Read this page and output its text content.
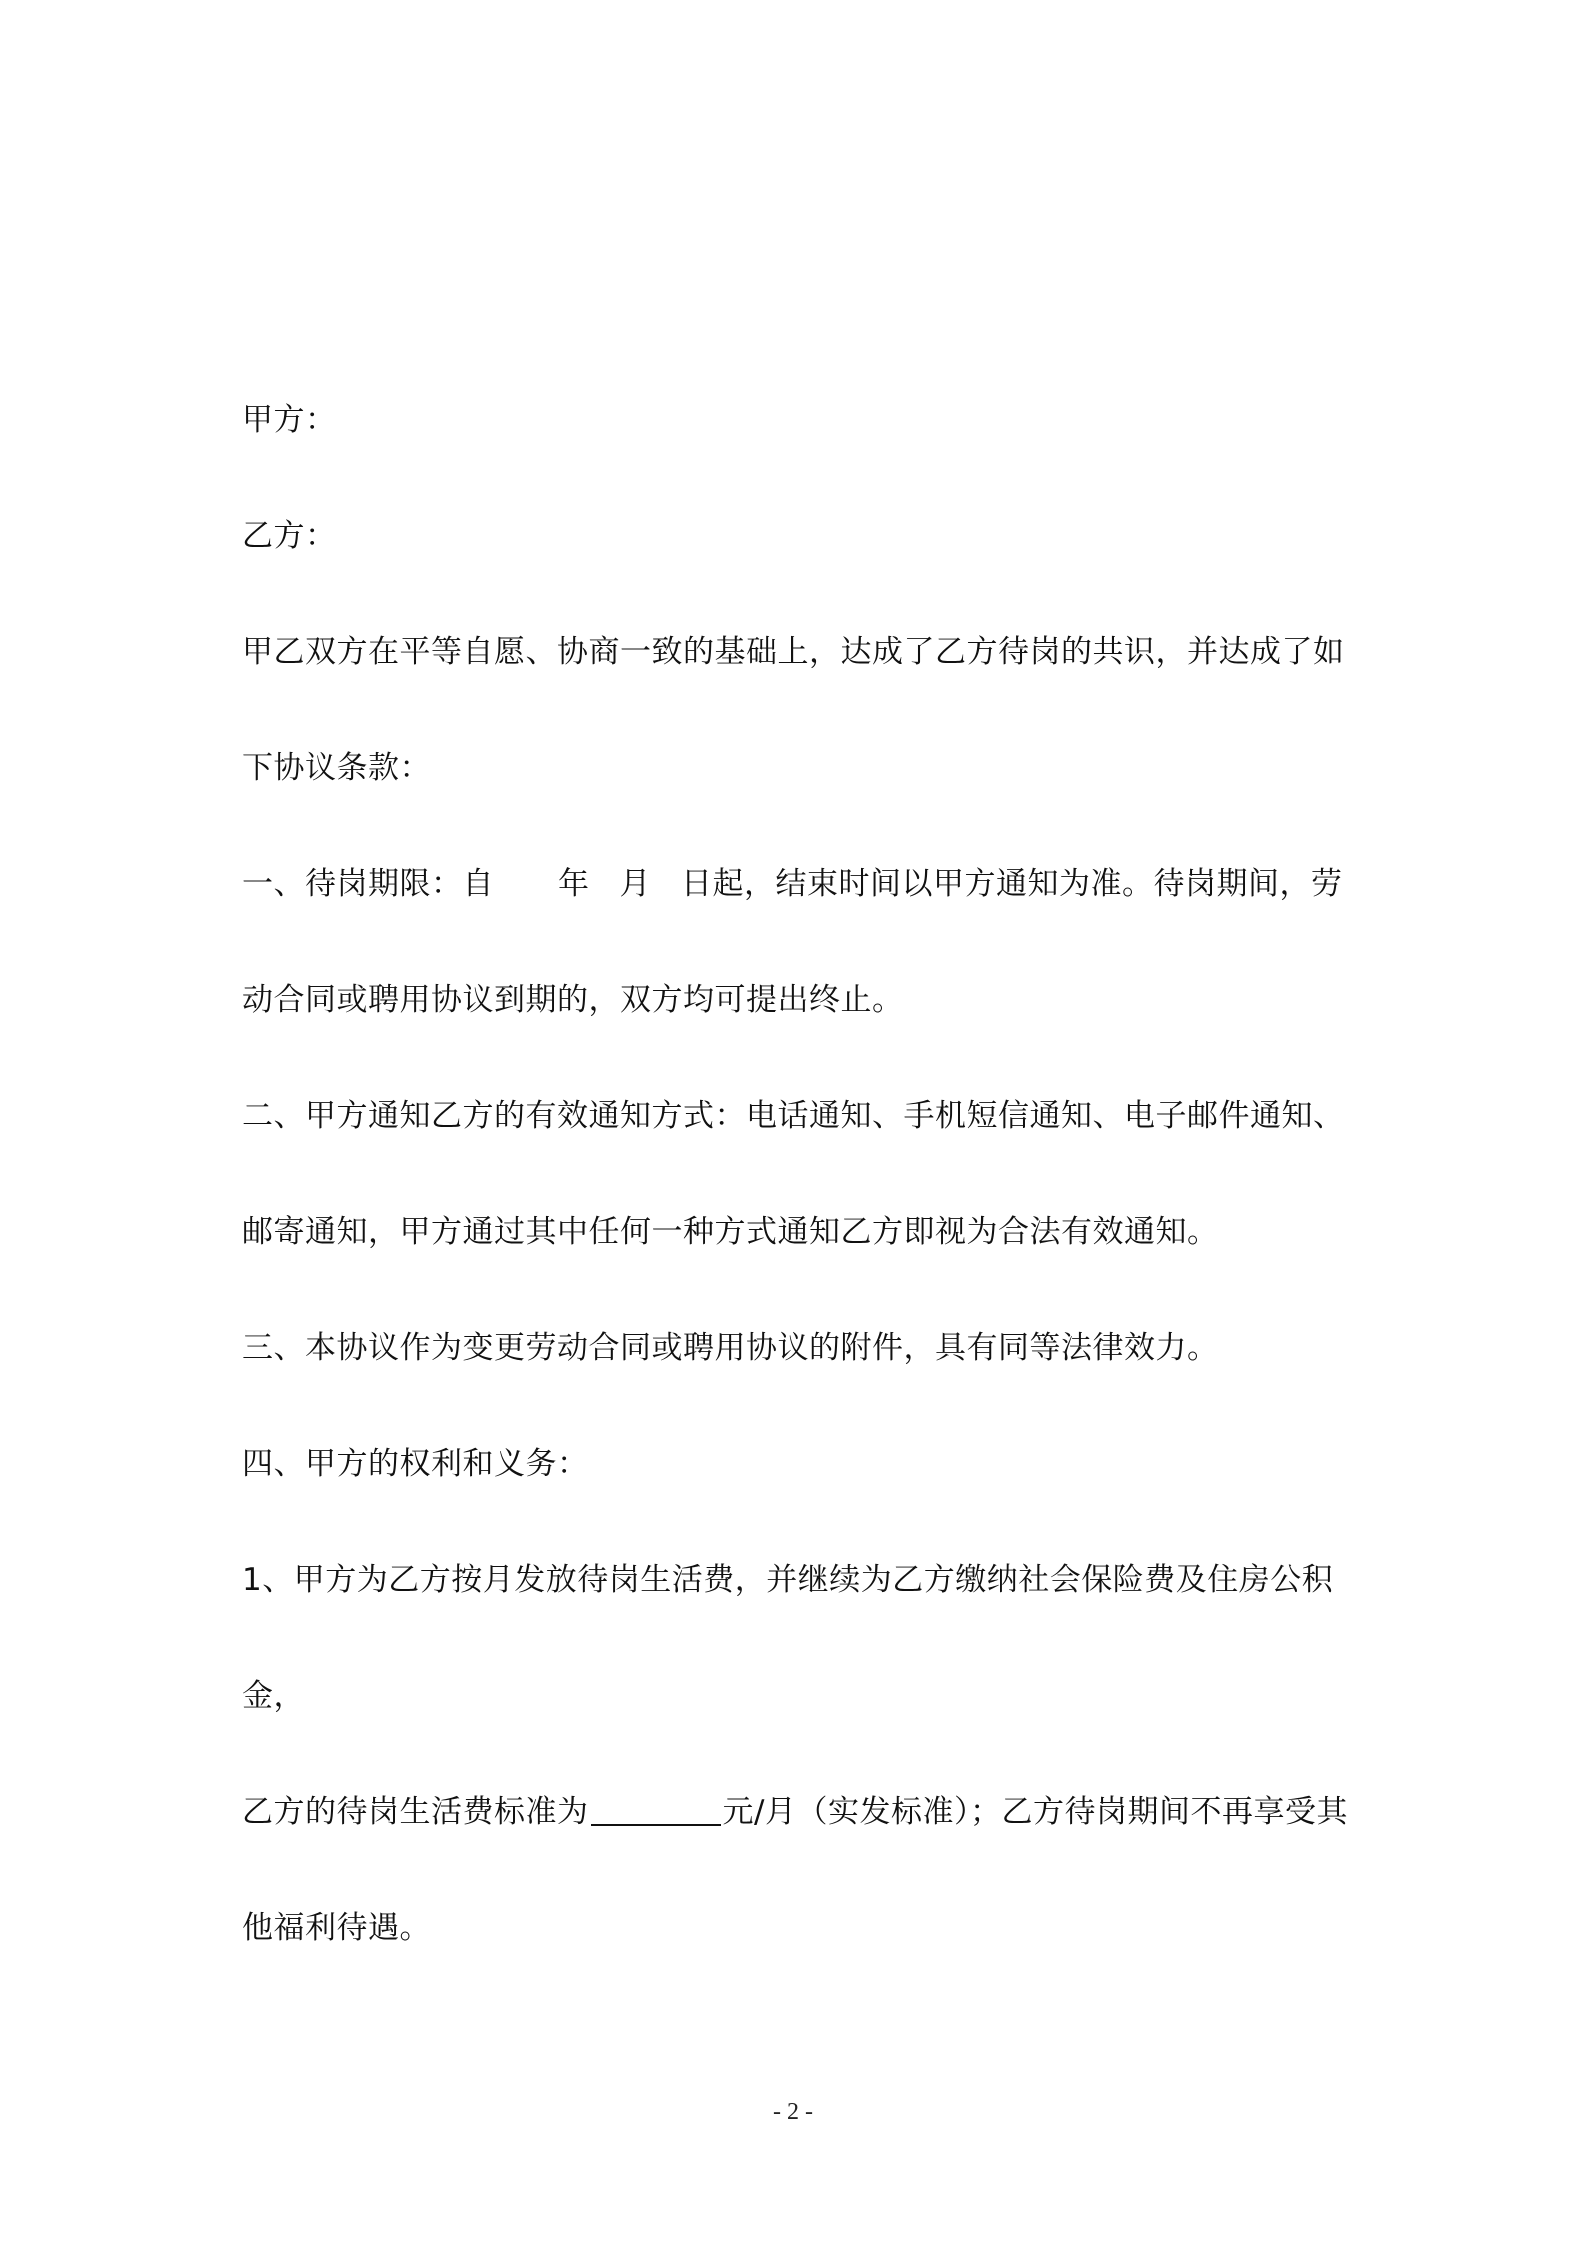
甲方：
乙方：
甲乙双方在平等自愿、协商一致的基础上，达成了乙方待岗的共识，并达成了如
下协议条款：
一、待岗期限：自 年 月 日起，结束时间以甲方通知为准。待岗期间，劳
动合同或聘用协议到期的，双方均可提出终止。
二、甲方通知乙方的有效通知方式：电话通知、手机短信通知、电子邮件通知、
邮寄通知，甲方通过其中任何一种方式通知乙方即视为合法有效通知。
三、本协议作为变更劳动合同或聘用协议的附件，具有同等法律效力。
四、甲方的权利和义务：
1、甲方为乙方按月发放待岗生活费，并继续为乙方缴纳社会保险费及住房公积
金，
乙方的待岗生活费标准为	元/月（实发标准）；乙方待岗期间不再享受其
他福利待遇。
- 2 -
